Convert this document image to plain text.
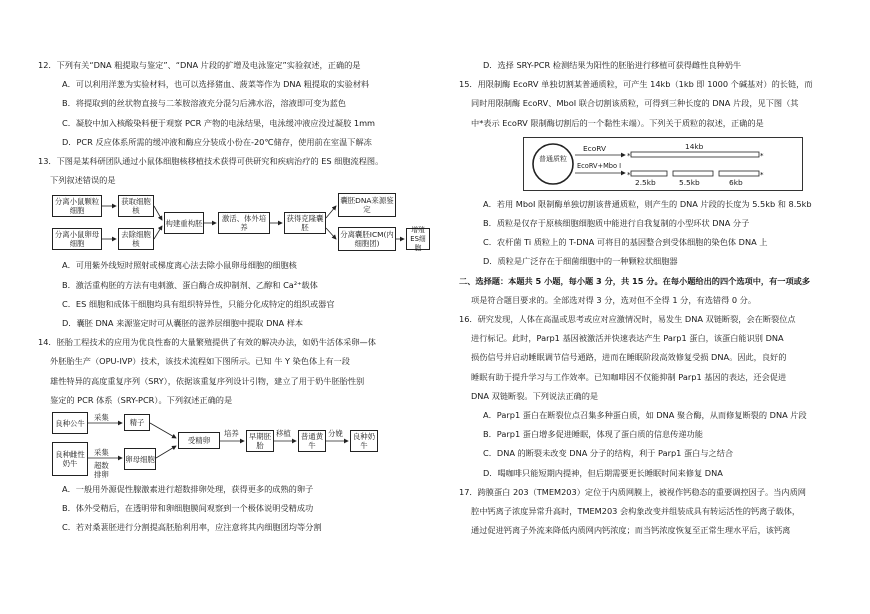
12．下列有关“DNA 粗提取与鉴定”、“DNA 片段的扩增及电泳鉴定”实验叙述，正确的是
A．可以利用洋葱为实验材料，也可以选择猪血、菠菜等作为 DNA 粗提取的实验材料
B．将提取到的丝状物直接与二苯胺溶液充分混匀后沸水浴，溶液即可变为蓝色
C．凝胶中加入核酸染料便于观察 PCR 产物的电泳结果，电泳缓冲液应没过凝胶 1mm
D．PCR 反应体系所需的缓冲液和酶应分装成小份在-20℃储存，使用前在室温下解冻
13．下图是某科研团队通过小鼠体细胞核移植技术获得可供研究和疾病治疗的 ES 细胞流程图。
下列叙述错误的是
分离小鼠颗粒细胞
获取细胞核
分离小鼠卵母细胞
去除细胞核
构建重构胚	激活、体外培养
获得克隆囊胚
囊胚DNA来源鉴定
分离囊胚ICM(内细胞团)
增殖ES细胞
A．可用紫外线短时照射或梯度离心法去除小鼠卵母细胞的细胞核
B．激活重构胚的方法有电刺激、蛋白酶合成抑制剂、乙醇和 Ca²⁺载体
C．ES 细胞和成体干细胞均具有组织特异性，只能分化成特定的组织或器官
D．囊胚 DNA 来源鉴定时可从囊胚的滋养层细胞中提取 DNA 样本
14．胚胎工程技术的应用为优良性畜的大量繁殖提供了有效的解决办法，如奶牛活体采卵—体
外胚胎生产（OPU-IVP）技术，该技术流程如下图所示。已知 牛 Y 染色体上有一段
雄性特异的高度重复序列（SRY），依据该重复序列设计引物，建立了用于奶牛胚胎性别
鉴定的 PCR 体系（SRY-PCR）。下列叙述正确的是
良种公牛
采集
精子
良种雌性奶牛
采集
超数排卵
卵母细胞
受精卵
培养	早期胚胎
移植	普通黄牛
分娩	良种奶牛
A．一般用外源促性腺激素进行超数排卵处理，获得更多的成熟的卵子
B．体外受精后，在透明带和卵细胞膜间观察到一个极体说明受精成功
C．若对桑葚胚进行分割提高胚胎利用率，应注意将其内细胞团均等分割
D．选择 SRY-PCR 检测结果为阳性的胚胎进行移植可获得雌性良种奶牛
15．用限制酶 EcoRV 单独切割某普通质粒，可产生 14kb（1kb 即 1000 个碱基对）的长链，而
同时用限制酶 EcoRV、MboI 联合切割该质粒，可得到三种长度的 DNA 片段，见下图（其
中*表示 EcoRV 限制酶切割后的一个黏性末端）。下列关于质粒的叙述，正确的是
*	*
*	*
普通质粒
EcoRV
EcoRV+Mbo I
14kb
2.5kb	5.5kb	6kb
A．若用 MboI 限制酶单独切割该普通质粒，则产生的 DNA 片段的长度为 5.5kb 和 8.5kb
B．质粒是仅存于原核细胞细胞质中能进行自我复制的小型环状 DNA 分子
C．农杆菌 Ti 质粒上的 T-DNA 可将目的基因整合到受体细胞的染色体 DNA 上
D．质粒是广泛存在于细菌细胞中的一种颗粒状细胞器
二、选择题：本题共 5 小题，每小题 3 分，共 15 分。在每小题给出的四个选项中，有一项或多
项是符合题目要求的。全部选对得 3 分，选对但不全得 1 分，有选错得 0 分。
16．研究发现，人体在高温或思考或应对应激情况时，易发生 DNA 双链断裂，会在断裂位点
进行标记。此时，Parp1 基因被激活并快速表达产生 Parp1 蛋白，该蛋白能识别 DNA
损伤信号并启动睡眠调节信号通路，进而在睡眠阶段高效修复受损 DNA。因此，良好的
睡眠有助于提升学习与工作效率。已知咖啡因不仅能抑制 Parp1 基因的表达，还会促进
DNA 双链断裂。下列说法正确的是
A．Parp1 蛋白在断裂位点召集多种蛋白质，如 DNA 聚合酶，从而修复断裂的 DNA 片段
B．Parp1 蛋白增多促进睡眠，体现了蛋白质的信息传递功能
C．DNA 的断裂未改变 DNA 分子的结构，利于 Parp1 蛋白与之结合
D．喝咖啡只能短期内提神，但后期需要更长睡眠时间来修复 DNA
17．跨膜蛋白 203（TMEM203）定位于内质网膜上，被视作钙稳态的重要调控因子。当内质网
腔中钙离子浓度异常升高时，TMEM203 会构象改变并组装成具有转运活性的钙离子载体，
通过促进钙离子外流来降低内质网内钙浓度；而当钙浓度恢复至正常生理水平后，该钙离
